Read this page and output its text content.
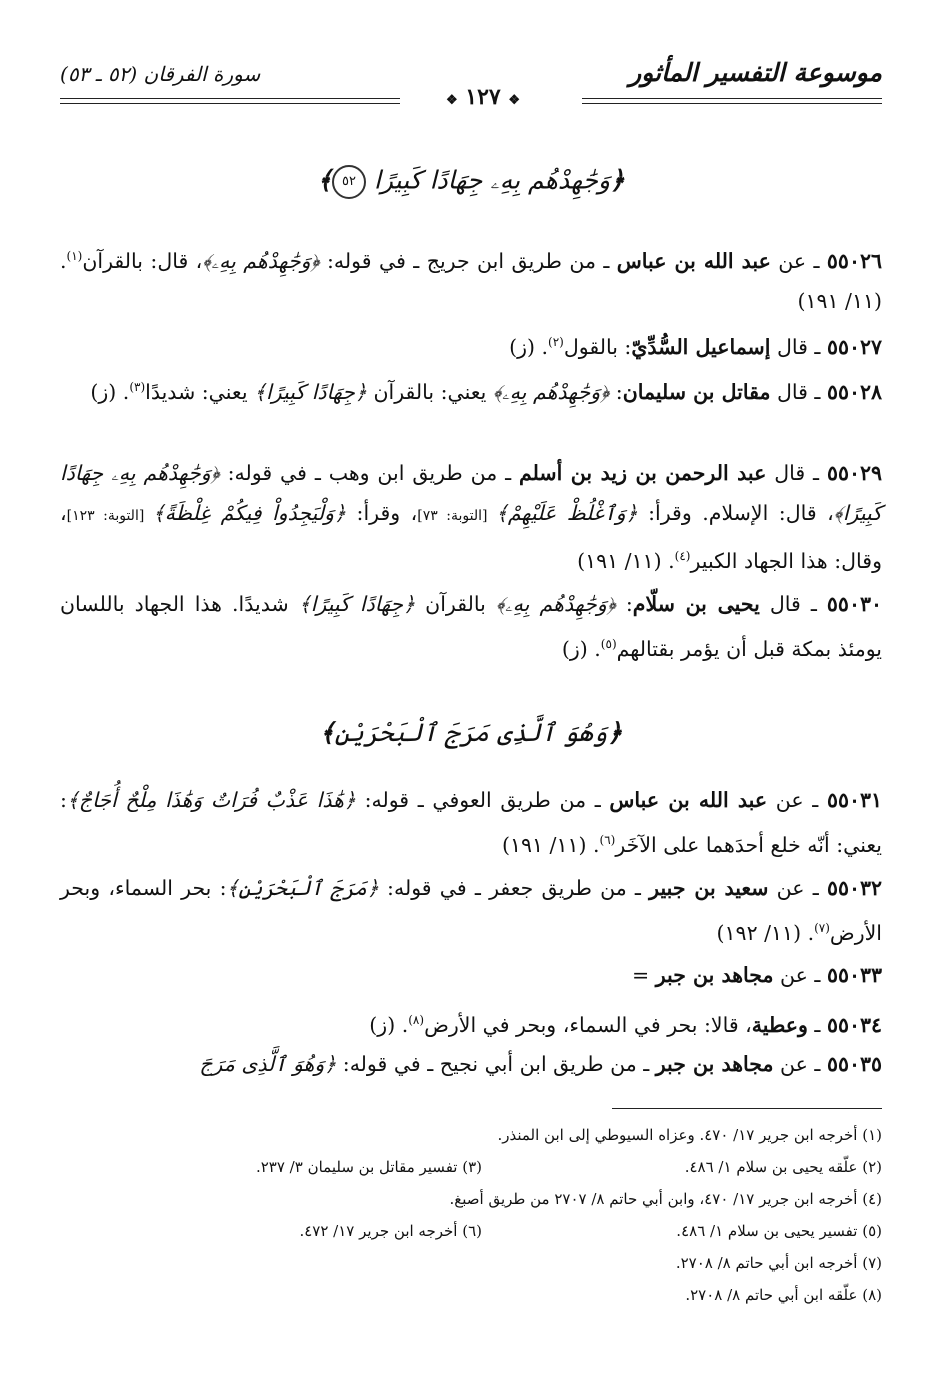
موسوعة التفسير المأثور
سورة الفرقان (٥٢ ـ ٥٣)
❖ ١٢٧ ❖
﴿وَجَٰهِدْهُم بِهِۦ جِهَادًا كَبِيرًا ٥٢﴾
٥٥٠٢٦ ـ عن عبد الله بن عباس ـ من طريق ابن جريج ـ في قوله: ﴿وَجَٰهِدْهُم بِهِۦ﴾، قال: بالقرآن$^{(١)}$. (١١/ ١٩١)
٥٥٠٢٧ ـ قال إسماعيل السُّدِّيّ: بالقول$^{(٢)}$. (ز)
٥٥٠٢٨ ـ قال مقاتل بن سليمان: ﴿وَجَٰهِدْهُم بِهِۦ﴾ يعني: بالقرآن ﴿جِهَادًا كَبِيرًا﴾ يعني: شديدًا$^{(٣)}$. (ز)
٥٥٠٢٩ ـ قال عبد الرحمن بن زيد بن أسلم ـ من طريق ابن وهب ـ في قوله: ﴿وَجَٰهِدْهُم بِهِۦ جِهَادًا كَبِيرًا﴾، قال: الإسلام. وقرأ: ﴿وَٱغْلُظْ عَلَيْهِمْ﴾ [التوبة: ٧٣]، وقرأ: ﴿وَلْيَجِدُواْ فِيكُمْ غِلْظَةً﴾ [التوبة: ١٢٣]، وقال: هذا الجهاد الكبير$^{(٤)}$. (١١/ ١٩١)
٥٥٠٣٠ ـ قال يحيى بن سلّام: ﴿وَجَٰهِدْهُم بِهِۦ﴾ بالقرآن ﴿جِهَادًا كَبِيرًا﴾ شديدًا. هذا الجهاد باللسان يومئذ بمكة قبل أن يؤمر بقتالهم$^{(٥)}$. (ز)
﴿وَهُوَ ٱلَّذِى مَرَجَ ٱلْبَحْرَيْنِ﴾
٥٥٠٣١ ـ عن عبد الله بن عباس ـ من طريق العوفي ـ قوله: ﴿هَٰذَا عَذْبٌ فُرَاتٌ وَهَٰذَا مِلْحٌ أُجَاجٌ﴾: يعني: أنّه خلع أحدَهما على الآخَر$^{(٦)}$. (١١/ ١٩١)
٥٥٠٣٢ ـ عن سعيد بن جبير ـ من طريق جعفر ـ في قوله: ﴿مَرَجَ ٱلْبَحْرَيْنِ﴾: بحر السماء، وبحر الأرض$^{(٧)}$. (١١/ ١٩٢)
٥٥٠٣٣ ـ عن مجاهد بن جبر =
٥٥٠٣٤ ـ وعطية، قالا: بحر في السماء، وبحر في الأرض$^{(٨)}$. (ز)
٥٥٠٣٥ ـ عن مجاهد بن جبر ـ من طريق ابن أبي نجيح ـ في قوله: ﴿وَهُوَ ٱلَّذِى مَرَجَ
(١) أخرجه ابن جرير ١٧/ ٤٧٠. وعزاه السيوطي إلى ابن المنذر.
(٢) علّقه يحيى بن سلام ١/ ٤٨٦.
(٣) تفسير مقاتل بن سليمان ٣/ ٢٣٧.
(٤) أخرجه ابن جرير ١٧/ ٤٧٠، وابن أبي حاتم ٨/ ٢٧٠٧ من طريق أصبغ.
(٥) تفسير يحيى بن سلام ١/ ٤٨٦.
(٦) أخرجه ابن جرير ١٧/ ٤٧٢.
(٧) أخرجه ابن أبي حاتم ٨/ ٢٧٠٨.
(٨) علّقه ابن أبي حاتم ٨/ ٢٧٠٨.
